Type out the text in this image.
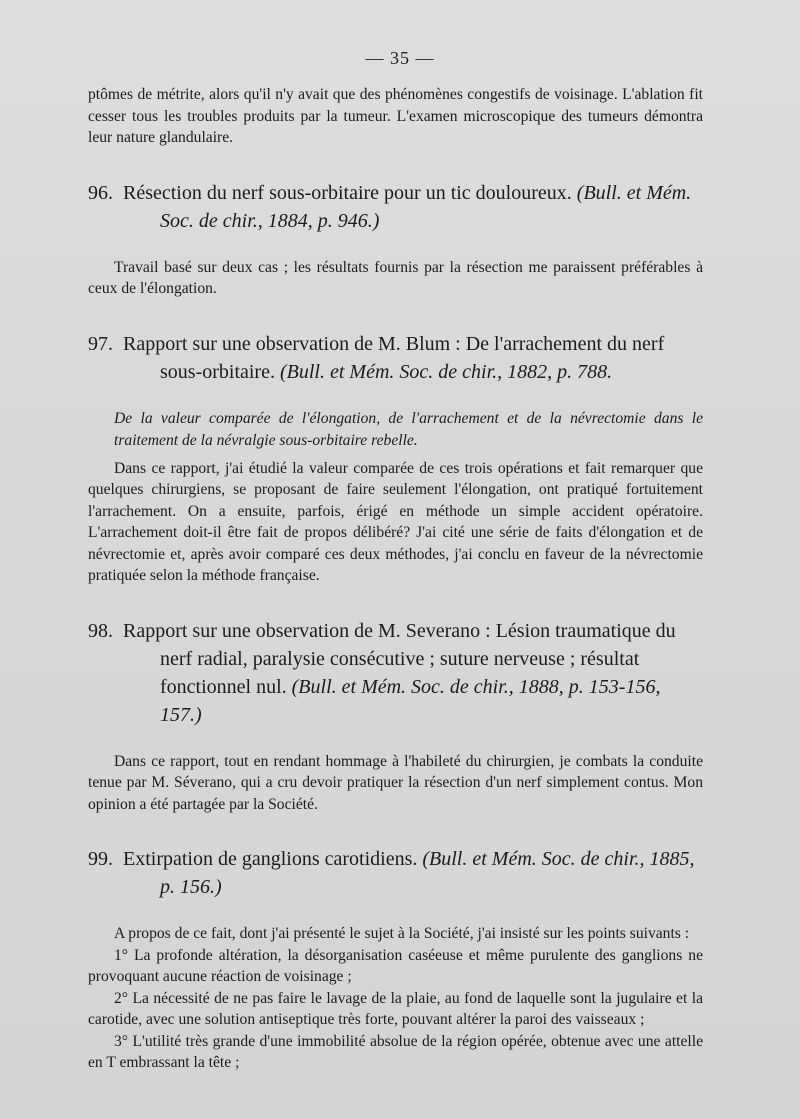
— 35 —

ptômes de métrite, alors qu'il n'y avait que des phénomènes congestifs de voisinage. L'ablation fit cesser tous les troubles produits par la tumeur. L'examen microscopique des tumeurs démontra leur nature glandulaire.

96. Résection du nerf sous-orbitaire pour un tic douloureux. (Bull. et Mém. Soc. de chir., 1884, p. 946.)

Travail basé sur deux cas ; les résultats fournis par la résection me paraissent préférables à ceux de l'élongation.

97. Rapport sur une observation de M. Blum : De l'arrachement du nerf sous-orbitaire. (Bull. et Mém. Soc. de chir., 1882, p. 788.

De la valeur comparée de l'élongation, de l'arrachement et de la névrectomie dans le traitement de la névralgie sous-orbitaire rebelle.

Dans ce rapport, j'ai étudié la valeur comparée de ces trois opérations et fait remarquer que quelques chirurgiens, se proposant de faire seulement l'élongation, ont pratiqué fortuitement l'arrachement. On a ensuite, parfois, érigé en méthode un simple accident opératoire. L'arrachement doit-il être fait de propos délibéré? J'ai cité une série de faits d'élongation et de névrectomie et, après avoir comparé ces deux méthodes, j'ai conclu en faveur de la névrectomie pratiquée selon la méthode française.

98. Rapport sur une observation de M. Severano : Lésion traumatique du nerf radial, paralysie consécutive ; suture nerveuse ; résultat fonctionnel nul. (Bull. et Mém. Soc. de chir., 1888, p. 153-156, 157.)

Dans ce rapport, tout en rendant hommage à l'habileté du chirurgien, je combats la conduite tenue par M. Séverano, qui a cru devoir pratiquer la résection d'un nerf simplement contus. Mon opinion a été partagée par la Société.

99. Extirpation de ganglions carotidiens. (Bull. et Mém. Soc. de chir., 1885, p. 156.)

A propos de ce fait, dont j'ai présenté le sujet à la Société, j'ai insisté sur les points suivants :

1° La profonde altération, la désorganisation caséeuse et même purulente des ganglions ne provoquant aucune réaction de voisinage ;

2° La nécessité de ne pas faire le lavage de la plaie, au fond de laquelle sont la jugulaire et la carotide, avec une solution antiseptique très forte, pouvant altérer la paroi des vaisseaux ;

3° L'utilité très grande d'une immobilité absolue de la région opérée, obtenue avec une attelle en T embrassant la tête ;
